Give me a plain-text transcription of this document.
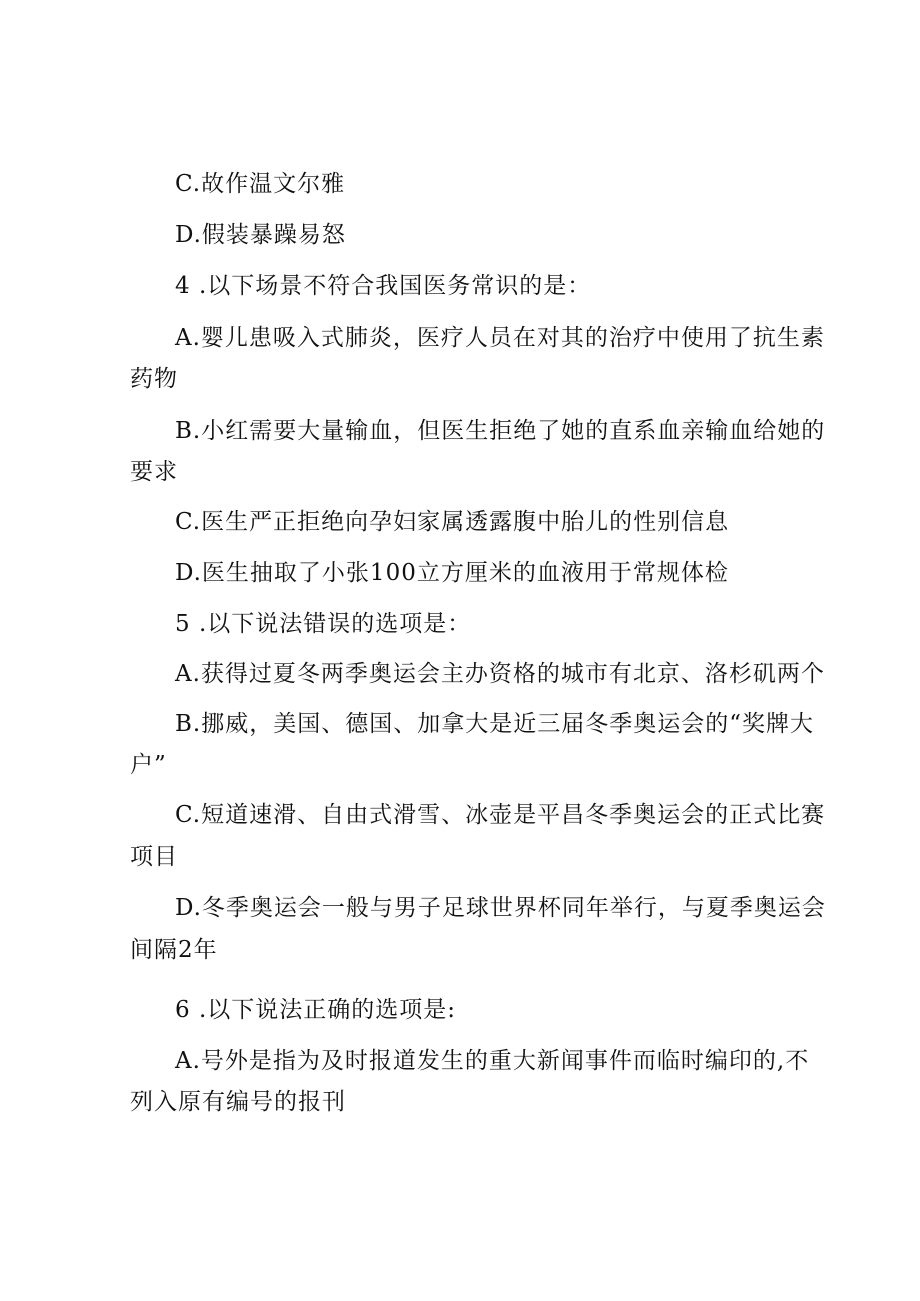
C.故作温文尔雅
D.假装暴躁易怒
4 .以下场景不符合我国医务常识的是：
A.婴儿患吸入式肺炎，医疗人员在对其的治疗中使用了抗生素
药物
B.小红需要大量输血，但医生拒绝了她的直系血亲输血给她的
要求
C.医生严正拒绝向孕妇家属透露腹中胎儿的性别信息
D.医生抽取了小张100立方厘米的血液用于常规体检
5 .以下说法错误的选项是：
A.获得过夏冬两季奥运会主办资格的城市有北京、洛杉矶两个
B.挪威，美国、德国、加拿大是近三届冬季奥运会的“奖牌大
户”
C.短道速滑、自由式滑雪、冰壶是平昌冬季奥运会的正式比赛
项目
D.冬季奥运会一般与男子足球世界杯同年举行，与夏季奥运会
间隔2年
6 .以下说法正确的选项是:
A.号外是指为及时报道发生的重大新闻事件而临时编印的,不
列入原有编号的报刊
